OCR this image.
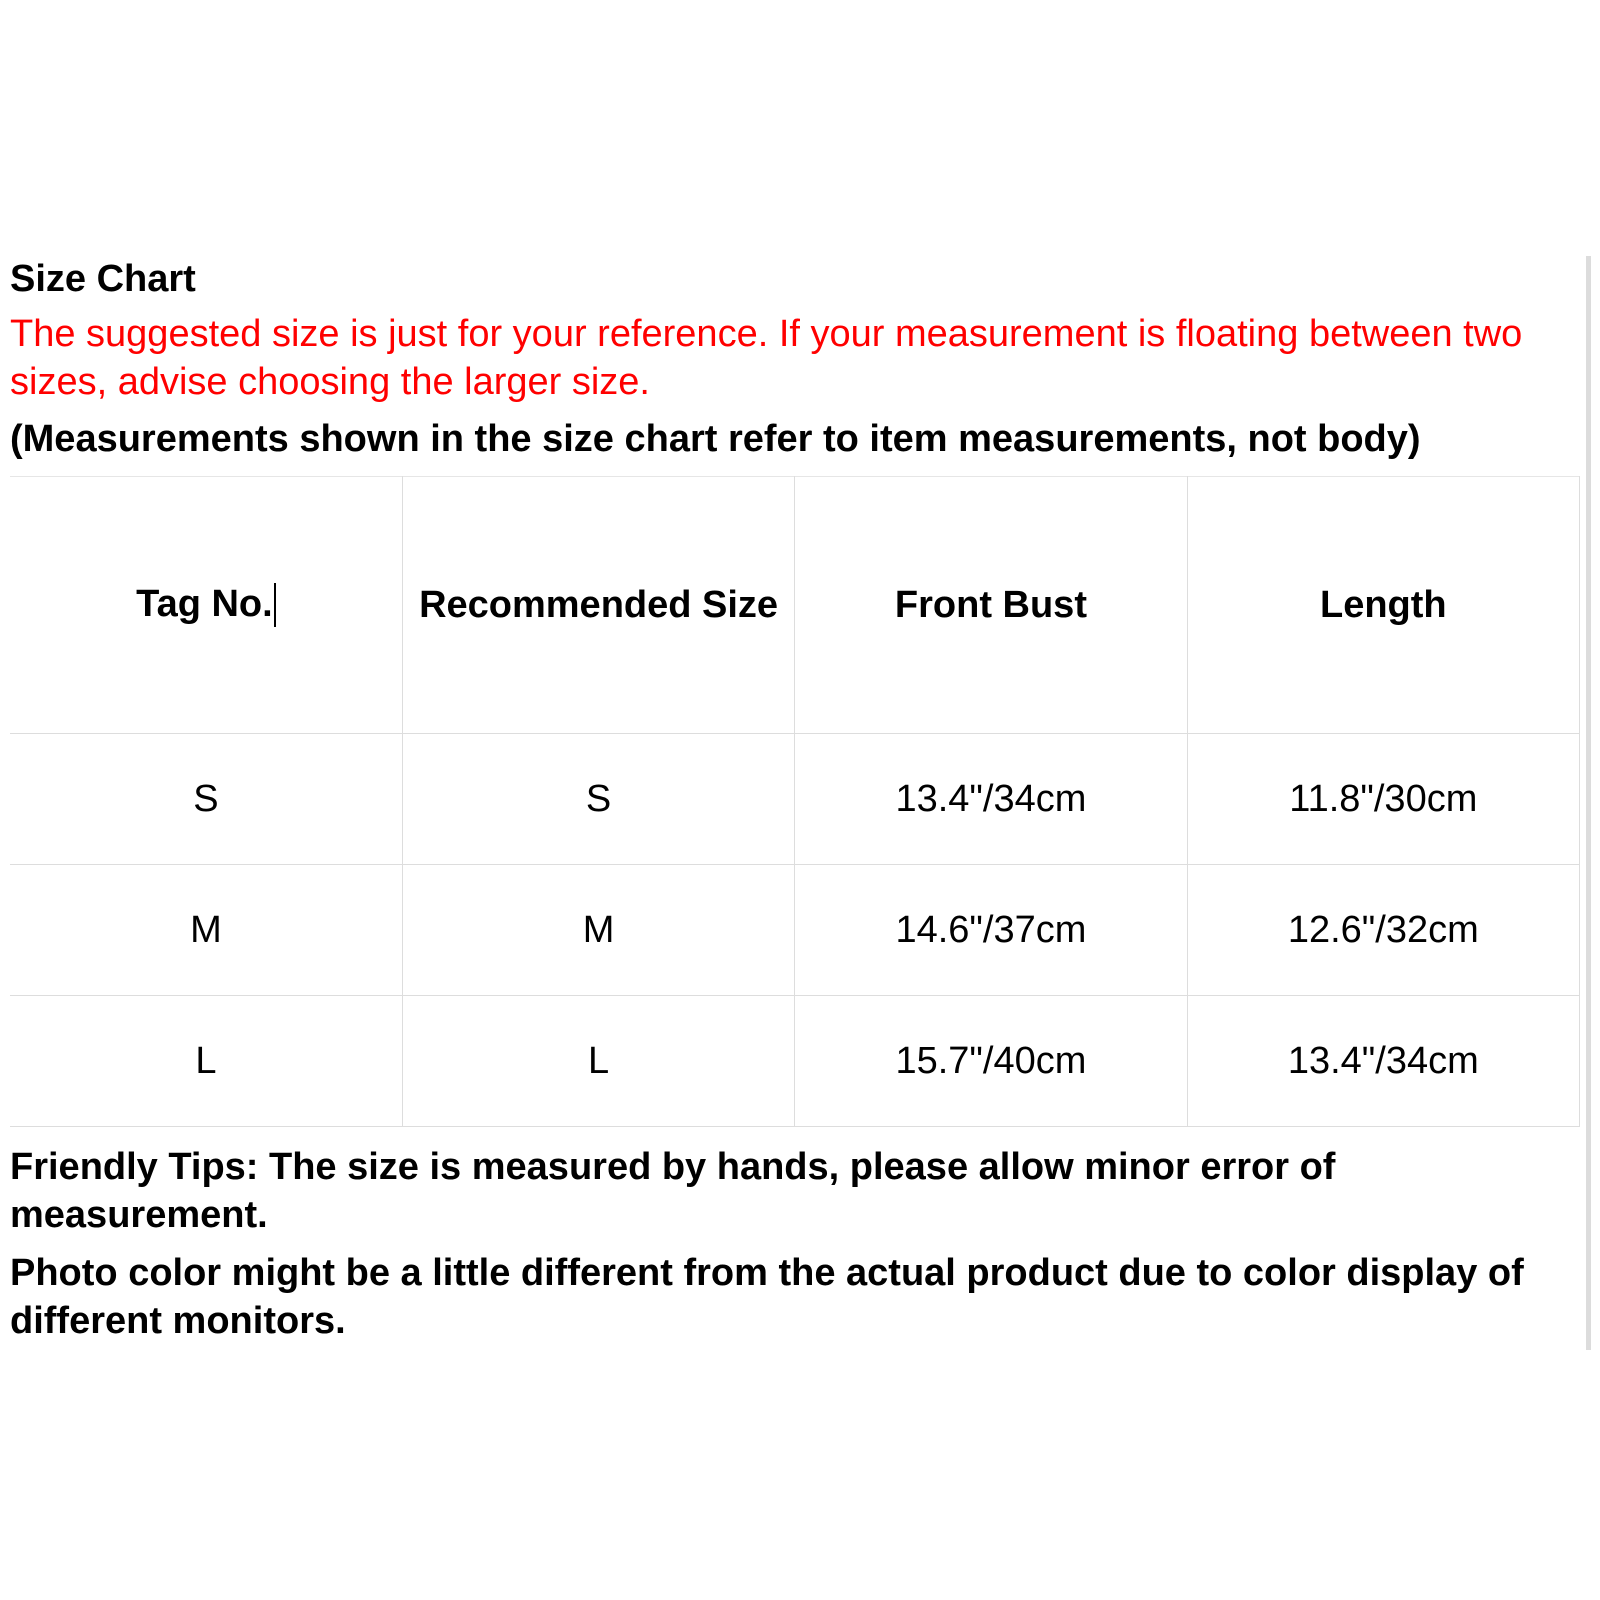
Size Chart
The suggested size is just for your reference. If your measurement is floating between two sizes, advise choosing the larger size.
(Measurements shown in the size chart refer to item measurements, not body)
Tag No.	Recommended Size	Front Bust	Length
S	S	13.4"/34cm	11.8"/30cm
M	M	14.6"/37cm	12.6"/32cm
L	L	15.7"/40cm	13.4"/34cm
Friendly Tips: The size is measured by hands, please allow minor error of measurement.
Photo color might be a little different from the actual product due to color display of different monitors.
